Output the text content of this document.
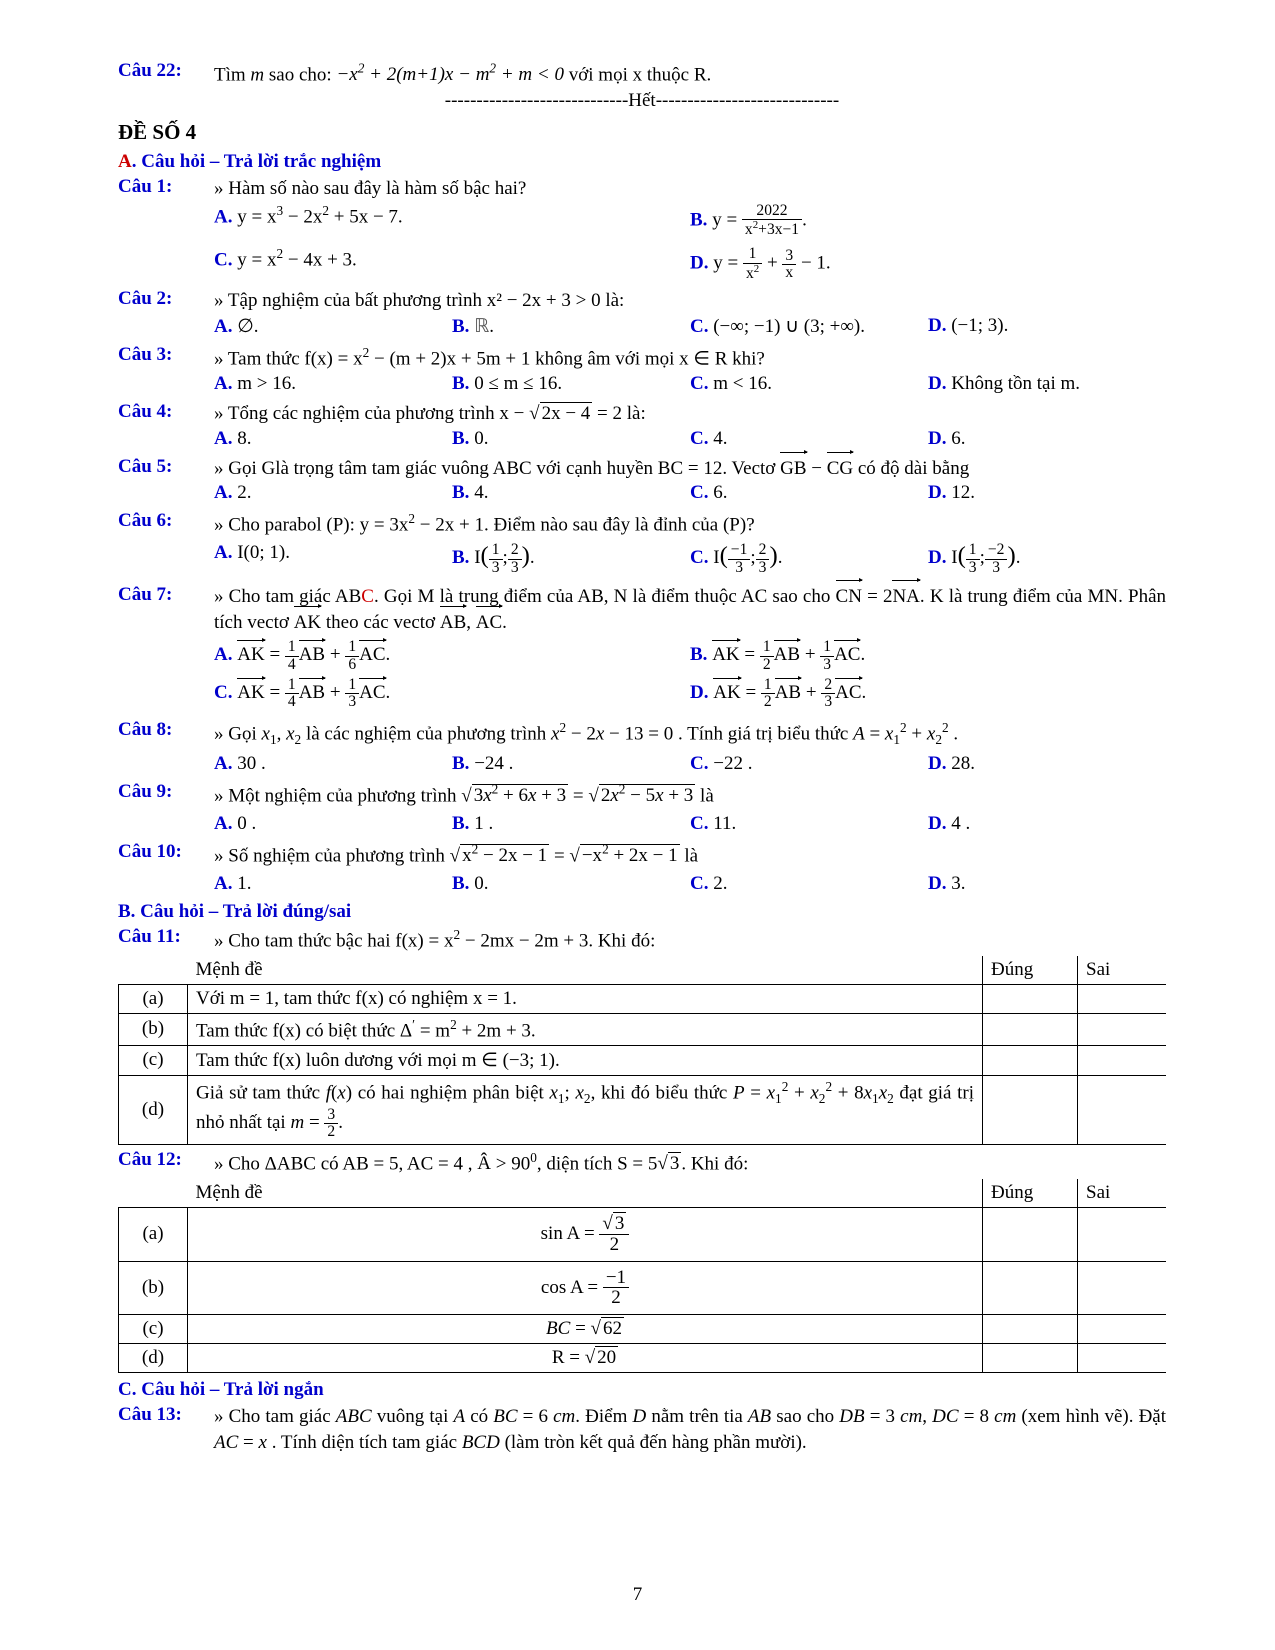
Câu 22:	Tìm m sao cho: $-x^2 + 2(m+1)x - m^2 + m < 0$ với mọi x thuộc R.
-----------------------------Hết-----------------------------
ĐỀ SỐ 4
A. Câu hỏi – Trả lời trắc nghiệm
Câu 1:	» Hàm số nào sau đây là hàm số bậc hai?
A. $y = x^3 - 2x^2 + 5x - 7$.	B. $y = \frac{2022}{x^2+3x-1}$ .
C. $y = x^2 - 4x + 3$.	D. $y = \frac{1}{x^2} + \frac{3}{x} - 1$.
Câu 2:	» Tập nghiệm của bất phương trình x² − 2x + 3 > 0 là:
A. ∅.	B. ℝ.	C. (−∞; −1) ∪ (3; +∞).	D. (−1; 3).
Câu 3:	» Tam thức $f(x) = x^2 - (m + 2)x + 5m + 1$ không âm với mọi x ∈ R khi?
A. m > 16.	B. 0 ≤ m ≤ 16.	C. m < 16.	D. Không tồn tại m.
Câu 4:	» Tổng các nghiệm của phương trình x − √ 2x − 4 = 2 là:
A. 8.	B. 0.	C. 4.	D. 6.
Câu 5:	» Gọi Glà trọng tâm tam giác vuông ABC với cạnh huyền BC = 12. Vectơ GB − CG có độ dài bằng
A. 2.	B. 4.	C. 6.	D. 12.
Câu 6:	» Cho parabol (P): $y = 3x^2 - 2x + 1$. Điểm nào sau đây là đỉnh của (P)?
A. I(0; 1).	B. $I( \frac{1}{3}$ ; $\frac{2}{3}$ ).	C. $I( \frac{-1}{3}$ ; $\frac{2}{3}$ ).	D. $I( \frac{1}{3}$ ; $\frac{-2}{3}$ ).
Câu 7:	» Cho tam giác ABC. Gọi M là trung điểm của AB, N là điểm thuộc AC sao cho CN = 2NA. K là trung điểm của MN. Phân tích vectơ AK theo các vectơ AB, AC.
A. AK = $\frac{1}{4}$ AB + $\frac{1}{6}$ AC.	B. AK = $\frac{1}{2}$ AB + $\frac{1}{3}$ AC.
C. AK = $\frac{1}{4}$ AB + $\frac{1}{3}$ AC.	D. AK = $\frac{1}{2}$ AB + $\frac{2}{3}$ AC.
Câu 8:	» Gọi $x_1$, $x_2$ là các nghiệm của phương trình $x^2 - 2x - 13 = 0$ . Tính giá trị biểu thức $A = x_1^2 + x_2^2$ .
A. 30 .	B. −24 .	C. −22 .	D. 28.
Câu 9:	» Một nghiệm của phương trình √ $3x^2 + 6x + 3$ = √ $2x^2 - 5x + 3$ là
A. 0 .	B. 1 .	C. 11.	D. 4 .
Câu 10:	» Số nghiệm của phương trình √ $x^2 - 2x - 1$ = √ $-x^2 + 2x - 1$ là
A. 1.	B. 0.	C. 2.	D. 3.
B. Câu hỏi – Trả lời đúng/sai
Câu 11:	» Cho tam thức bậc hai $f(x) = x^2 - 2mx - 2m + 3$. Khi đó:
	Mệnh đề	Đúng	Sai
(a)	Với m = 1, tam thức f(x) có nghiệm x = 1.		
(b)	Tam thức f(x) có biệt thức $\Delta' = m^2 + 2m + 3$.		
(c)	Tam thức f(x) luôn dương với mọi m ∈ (−3; 1).		
(d)	Giả sử tam thức f(x) có hai nghiệm phân biệt $x_1$; $x_2$, khi đó biểu thức $P = x_1^2 + x_2^2 + 8x_1x_2$ đạt giá trị nhỏ nhất tại $m = \frac{3}{2}$ .		
Câu 12:	» Cho ΔABC có AB = 5, AC = 4 , Â > $90^0$, diện tích S = 5√ 3 . Khi đó:
	Mệnh đề	Đúng	Sai
(a)	$\sin A = \frac{√ 3}{2}$

(b)	$\cos A = \frac{-1}{2}$

(c)	BC = √ 62		
(d)	R = √ 20		
C. Câu hỏi – Trả lời ngắn
Câu 13:	» Cho tam giác ABC vuông tại A có BC = 6 cm. Điểm D nằm trên tia AB sao cho DB = 3 cm, DC = 8 cm (xem hình vẽ). Đặt AC = x . Tính diện tích tam giác BCD (làm tròn kết quả đến hàng phần mười).
7
